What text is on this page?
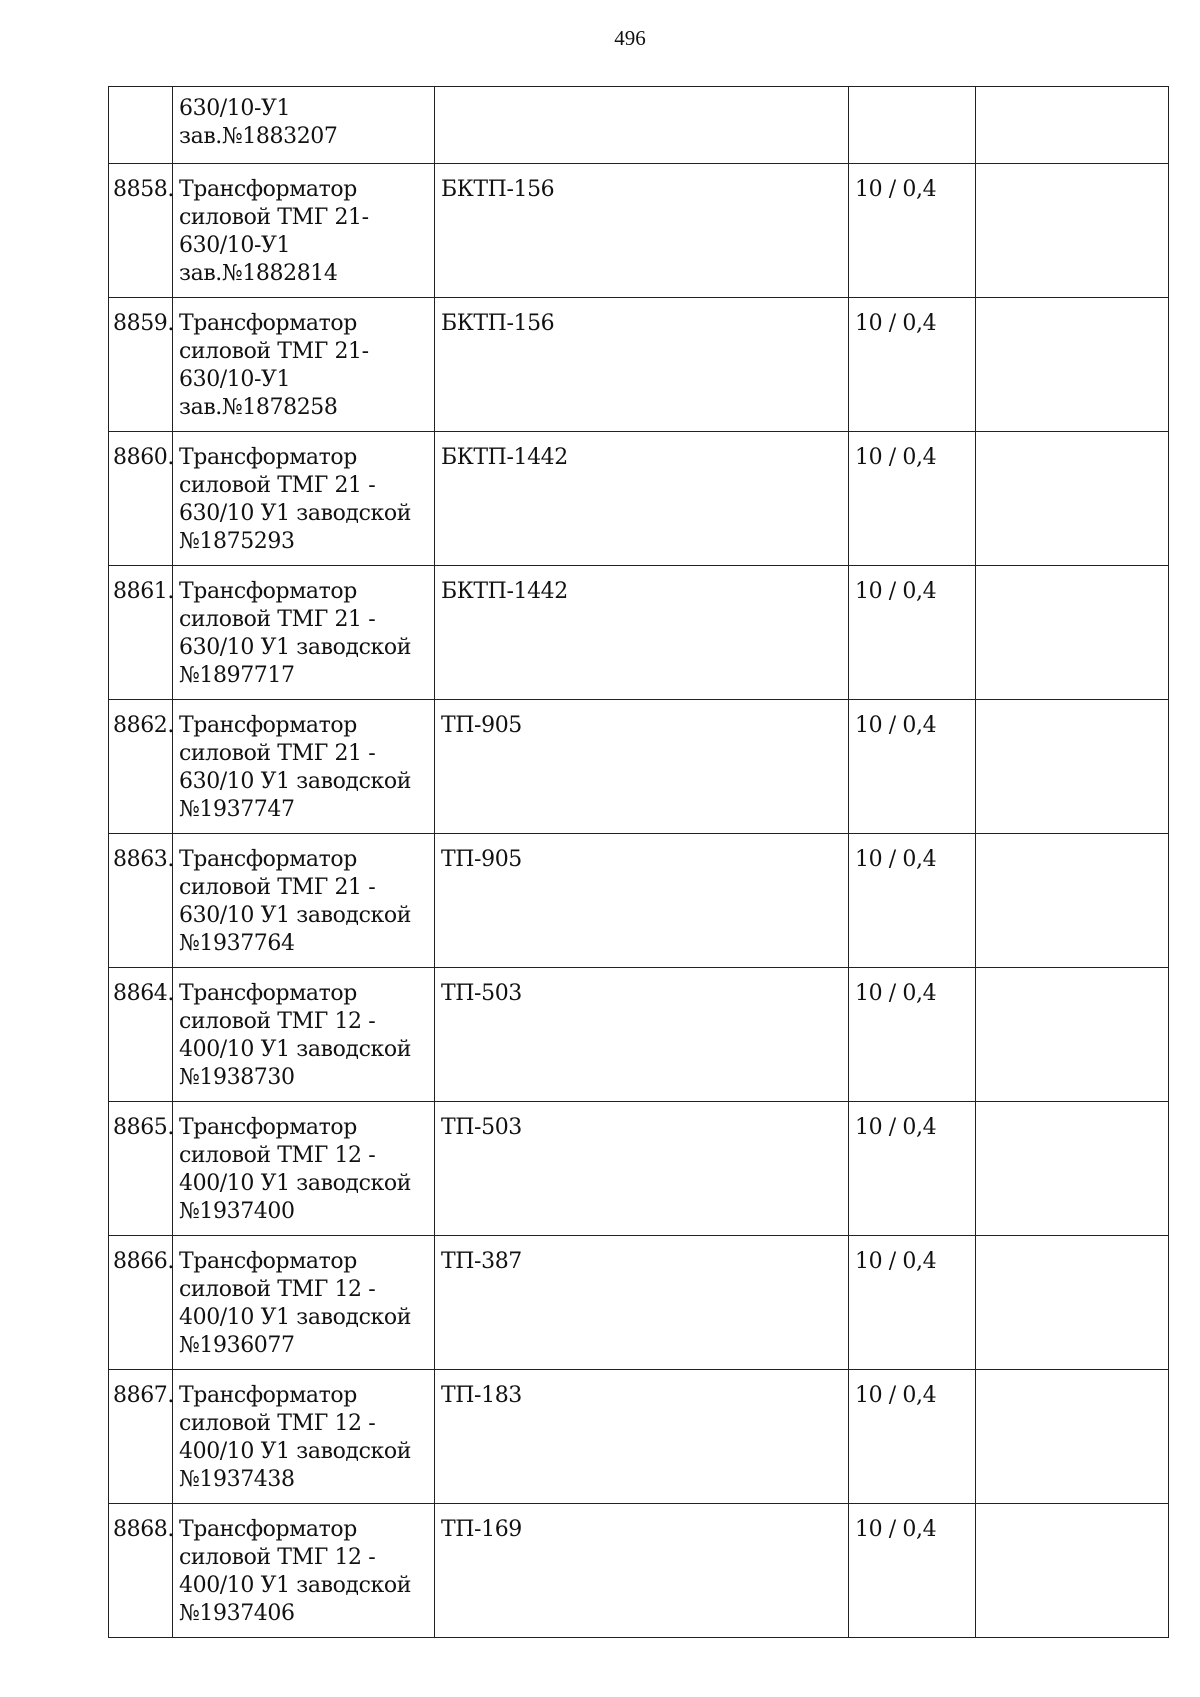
496

	630/10-У1
зав.№1883207			

8858.	Трансформатор
силовой ТМГ 21-
630/10-У1
зав.№1882814	БКТП-156	10 / 0,4	
8859.	Трансформатор
силовой ТМГ 21-
630/10-У1
зав.№1878258	БКТП-156	10 / 0,4	
8860.	Трансформатор
силовой ТМГ 21 -
630/10 У1 заводской
№1875293	БКТП-1442	10 / 0,4	
8861.	Трансформатор
силовой ТМГ 21 -
630/10 У1 заводской
№1897717	БКТП-1442	10 / 0,4	
8862.	Трансформатор
силовой ТМГ 21 -
630/10 У1 заводской
№1937747	ТП-905	10 / 0,4	
8863.	Трансформатор
силовой ТМГ 21 -
630/10 У1 заводской
№1937764	ТП-905	10 / 0,4	
8864.	Трансформатор
силовой ТМГ 12 -
400/10 У1 заводской
№1938730	ТП-503	10 / 0,4	
8865.	Трансформатор
силовой ТМГ 12 -
400/10 У1 заводской
№1937400	ТП-503	10 / 0,4	
8866.	Трансформатор
силовой ТМГ 12 -
400/10 У1 заводской
№1936077	ТП-387	10 / 0,4	
8867.	Трансформатор
силовой ТМГ 12 -
400/10 У1 заводской
№1937438	ТП-183	10 / 0,4	
8868.	Трансформатор
силовой ТМГ 12 -
400/10 У1 заводской
№1937406	ТП-169	10 / 0,4	
